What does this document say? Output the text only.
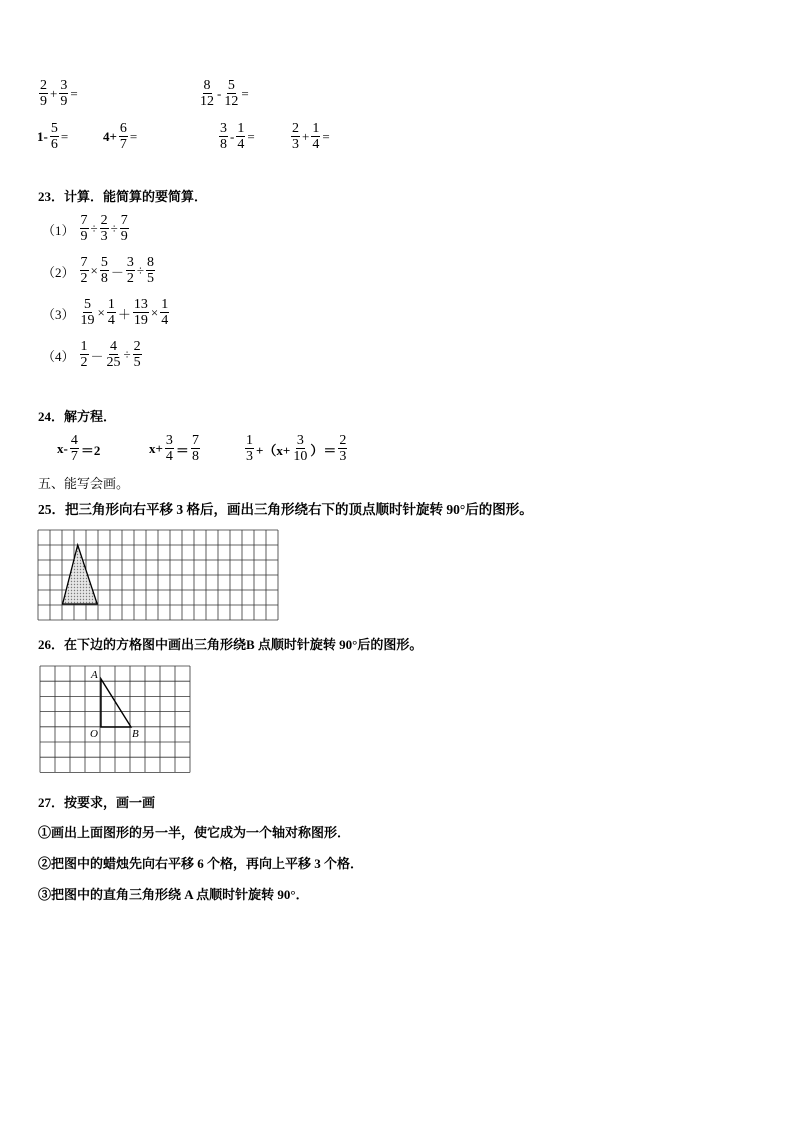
$\frac{2}{9} + \frac{3}{9}$ =	$\frac{8}{12} - \frac{5}{12}$ =
$1- \frac{5}{6}$ =	$4+ \frac{6}{7}$ =	$\frac{3}{8} - \frac{1}{4}$ =	$\frac{2}{3} + \frac{1}{4}$ =
23．计算．能简算的要简算．
$(1) \frac{7}{9} \div \frac{2}{3} \div \frac{7}{9}$
$(2) \frac{7}{2} \times \frac{5}{8} - \frac{3}{2} \div \frac{8}{5}$
$(3) \frac{5}{19} \times \frac{1}{4} + \frac{13}{19} \times \frac{1}{4}$
$(4) \frac{1}{2} - \frac{4}{25} \div \frac{2}{5}$
24．解方程．
$x- \frac{4}{7} =2$	$x+ \frac{3}{4} = \frac{7}{8}$	$\frac{1}{3} +(x+ \frac{3}{10}$ ）＝ $\frac{2}{3}$
五、能写会画。
25．把三角形向右平移 3 格后，画出三角形绕右下的顶点顺时针旋转 90°后的图形。
26．在下边的方格图中画出三角形绕B 点顺时针旋转 90°后的图形。
A
O	B
27．按要求，画一画
①画出上面图形的另一半，使它成为一个轴对称图形．
②把图中的蜡烛先向右平移 6 个格，再向上平移 3 个格．
③把图中的直角三角形绕 A 点顺时针旋转 90°．
